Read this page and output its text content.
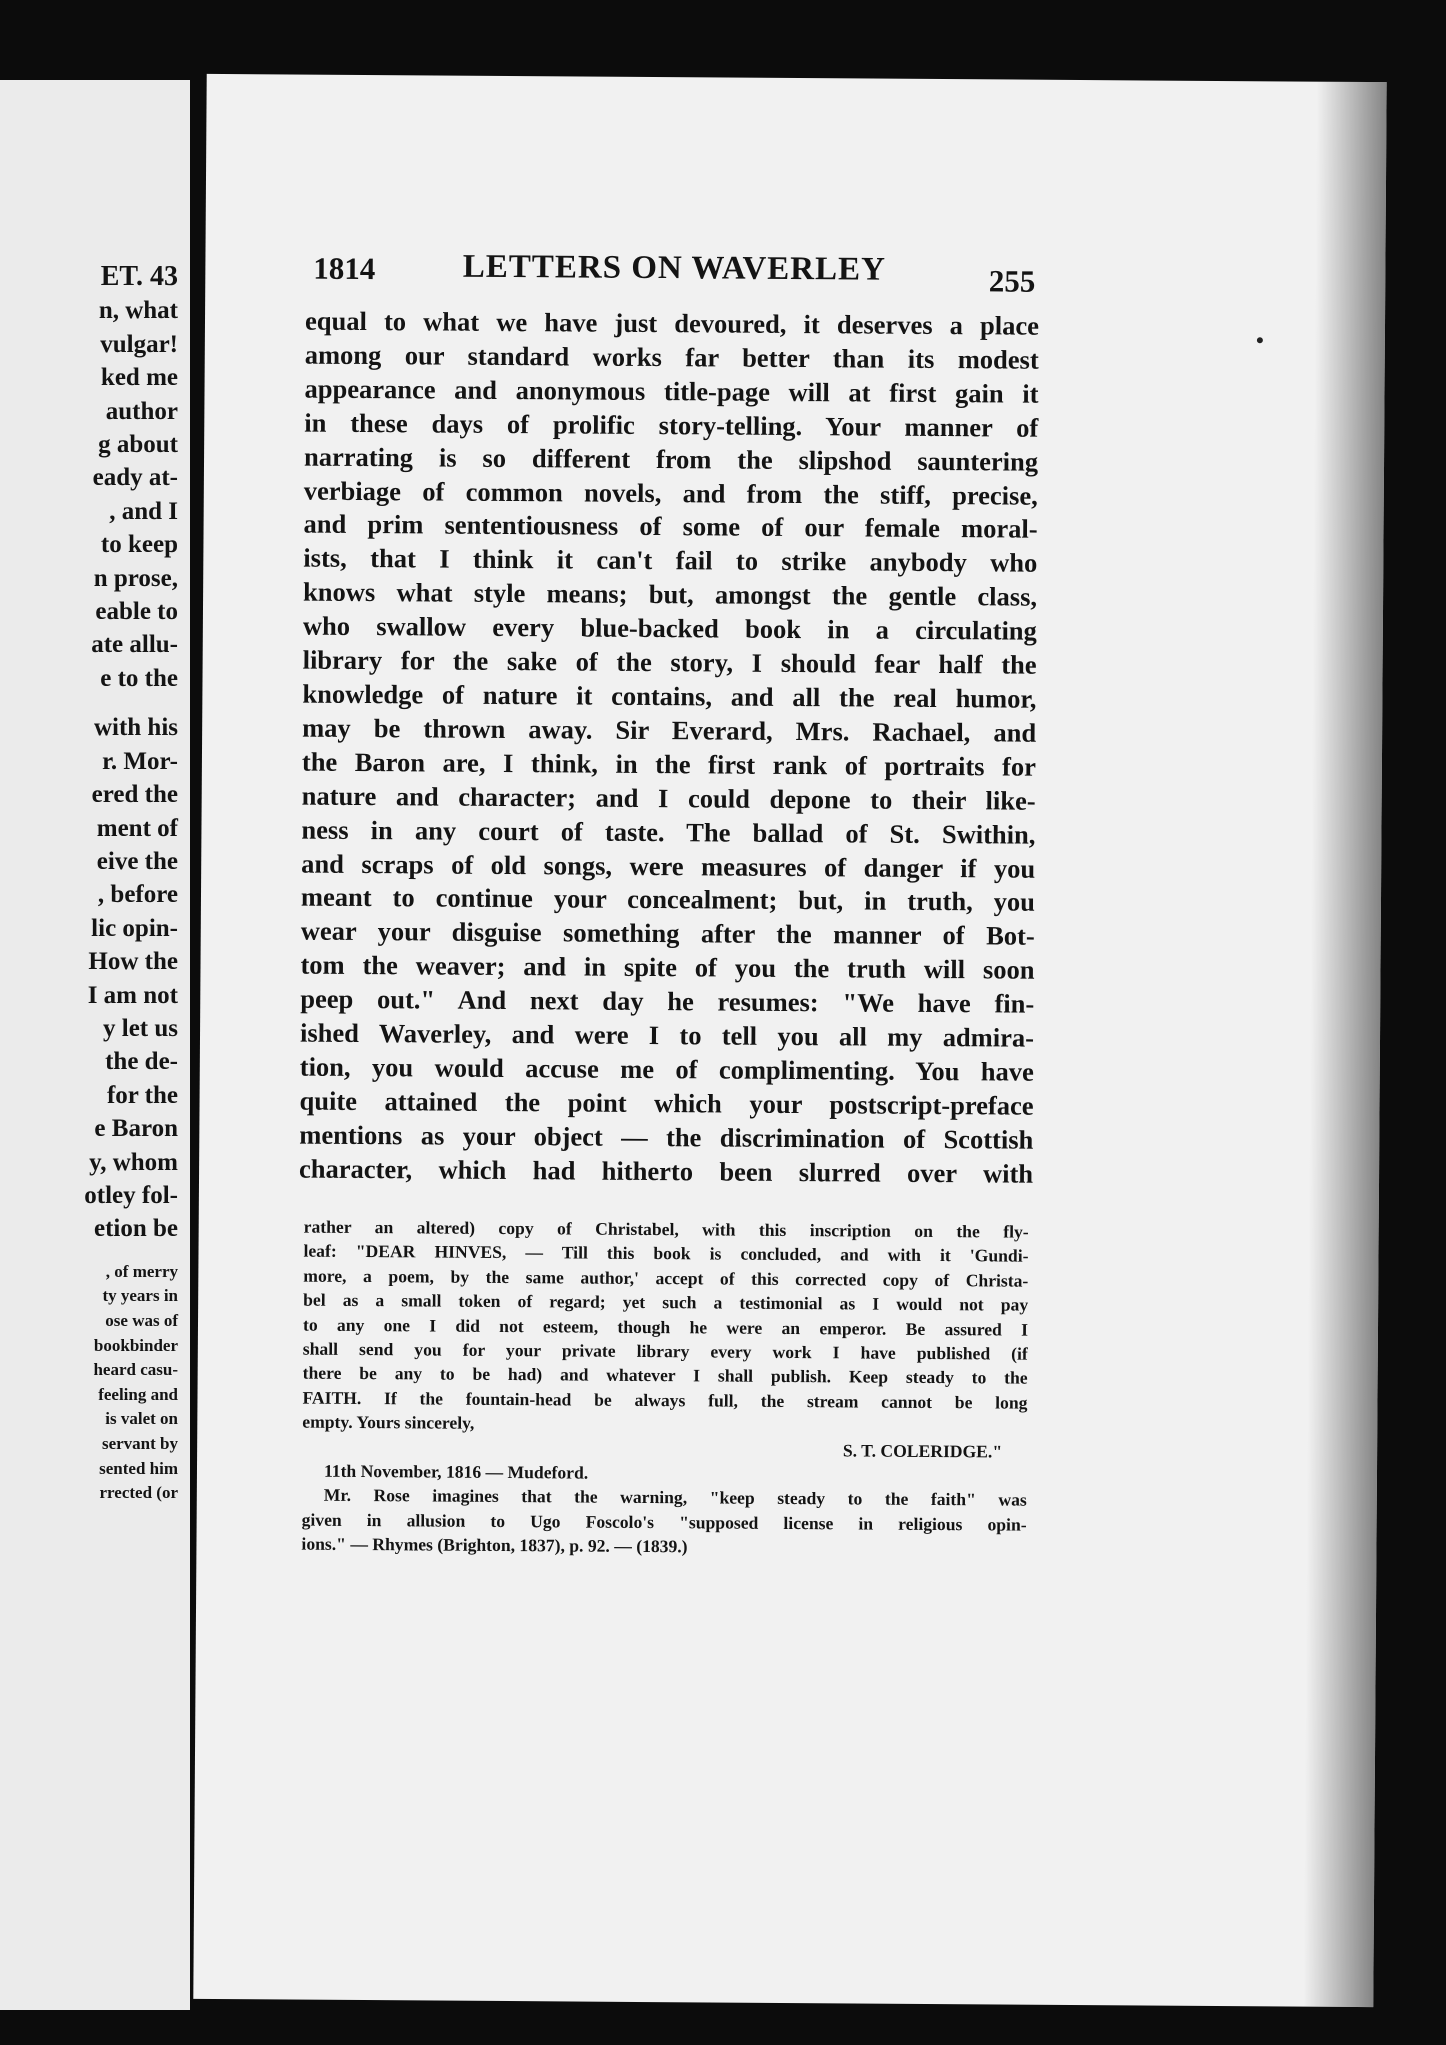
ET. 43
n, what
vulgar!
ked me
author
g about
eady at-
, and I
to keep
n prose,
eable to
ate allu-
e to the
with his
r. Mor-
ered the
ment of
eive the
, before
lic opin-
How the
I am not
y let us
the de-
for the
e Baron
y, whom
otley fol-
etion be
, of merry
ty years in
ose was of
bookbinder
heard casu-
feeling and
is valet on
servant by
sented him
rrected (or
1814	LETTERS ON WAVERLEY	255
equal to what we have just devoured, it deserves a place
among our standard works far better than its modest
appearance and anonymous title-page will at first gain it
in these days of prolific story-telling. Your manner of
narrating is so different from the slipshod sauntering
verbiage of common novels, and from the stiff, precise,
and prim sententiousness of some of our female moral-
ists, that I think it can't fail to strike anybody who
knows what style means; but, amongst the gentle class,
who swallow every blue-backed book in a circulating
library for the sake of the story, I should fear half the
knowledge of nature it contains, and all the real humor,
may be thrown away. Sir Everard, Mrs. Rachael, and
the Baron are, I think, in the first rank of portraits for
nature and character; and I could depone to their like-
ness in any court of taste. The ballad of St. Swithin,
and scraps of old songs, were measures of danger if you
meant to continue your concealment; but, in truth, you
wear your disguise something after the manner of Bot-
tom the weaver; and in spite of you the truth will soon
peep out." And next day he resumes: "We have fin-
ished Waverley, and were I to tell you all my admira-
tion, you would accuse me of complimenting. You have
quite attained the point which your postscript-preface
mentions as your object — the discrimination of Scottish
character, which had hitherto been slurred over with
rather an altered) copy of Christabel, with this inscription on the fly-
leaf: "DEAR HINVES, — Till this book is concluded, and with it 'Gundi-
more, a poem, by the same author,' accept of this corrected copy of Christa-
bel as a small token of regard; yet such a testimonial as I would not pay
to any one I did not esteem, though he were an emperor. Be assured I
shall send you for your private library every work I have published (if
there be any to be had) and whatever I shall publish. Keep steady to the
FAITH. If the fountain-head be always full, the stream cannot be long
empty. Yours sincerely,
S. T. COLERIDGE."
11th November, 1816 — Mudeford.
Mr. Rose imagines that the warning, "keep steady to the faith" was
given in allusion to Ugo Foscolo's "supposed license in religious opin-
ions." — Rhymes (Brighton, 1837), p. 92. — (1839.)
